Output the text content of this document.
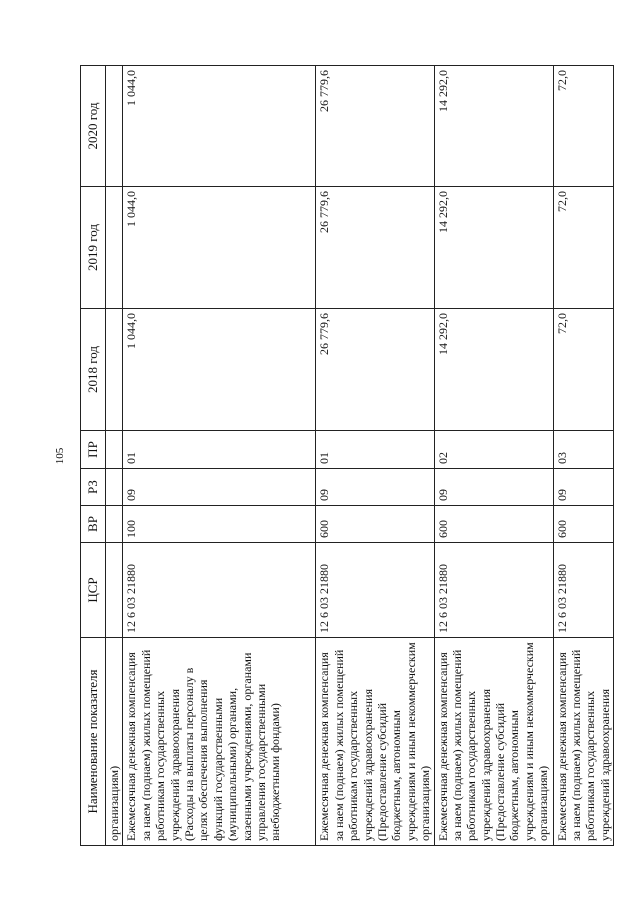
105
Наименование показателя	ЦСР	ВР	РЗ	ПР	2018 год	2019 год	2020 год
организациям)							
Ежемесячная денежная компенсация за наем (поднаем) жилых помещений работникам государственных учреждений здравоохранения (Расходы на выплаты персоналу в целях обеспечения выполнения функций государственными (муниципальными) органами, казенными учреждениями, органами управления государственными внебюджетными фондами)	12 6 03 21880	100	09	01	1 044,0	1 044,0	1 044,0
Ежемесячная денежная компенсация за наем (поднаем) жилых помещений работникам государственных учреждений здравоохранения (Предоставление субсидий бюджетным, автономным учреждениям и иным некоммерческим организациям)	12 6 03 21880	600	09	01	26 779,6	26 779,6	26 779,6
Ежемесячная денежная компенсация за наем (поднаем) жилых помещений работникам государственных учреждений здравоохранения (Предоставление субсидий бюджетным, автономным учреждениям и иным некоммерческим организациям)	12 6 03 21880	600	09	02	14 292,0	14 292,0	14 292,0
Ежемесячная денежная компенсация за наем (поднаем) жилых помещений работникам государственных учреждений здравоохранения	12 6 03 21880	600	09	03	72,0	72,0	72,0
